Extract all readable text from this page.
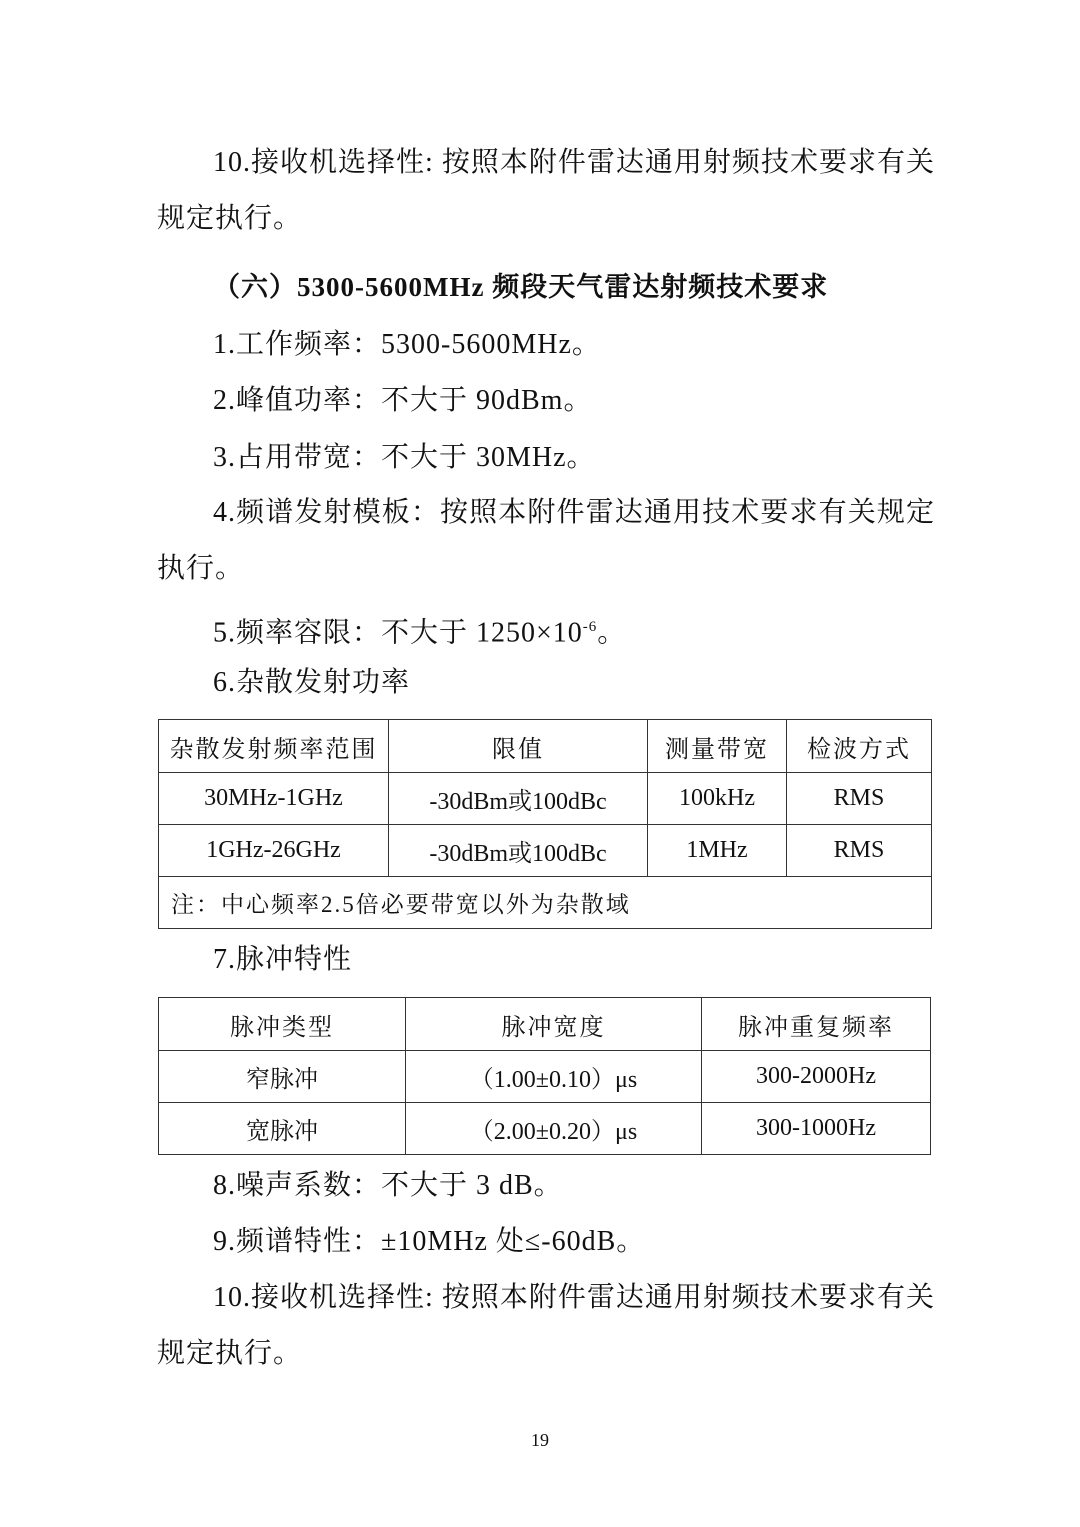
10.接收机选择性: 按照本附件雷达通用射频技术要求有关规定执行。
（六）5300-5600MHz 频段天气雷达射频技术要求
1.工作频率：5300-5600MHz。
2.峰值功率：不大于 90dBm。
3.占用带宽：不大于 30MHz。
4.频谱发射模板：按照本附件雷达通用技术要求有关规定执行。
5.频率容限：不大于 $1250\times 10^{-6}$。
6.杂散发射功率
杂散发射频率范围	限值	测量带宽	检波方式
30MHz-1GHz	-30dBm或100dBc	100kHz	RMS
1GHz-26GHz	-30dBm或100dBc	1MHz	RMS
注：中心频率2.5倍必要带宽以外为杂散域			
7.脉冲特性
脉冲类型	脉冲宽度	脉冲重复频率
窄脉冲	（1.00±0.10）μs	300-2000Hz
宽脉冲	（2.00±0.20）μs	300-1000Hz
8.噪声系数：不大于 3 dB。
9.频谱特性：±10MHz 处≤-60dB。
10.接收机选择性: 按照本附件雷达通用射频技术要求有关规定执行。
19
